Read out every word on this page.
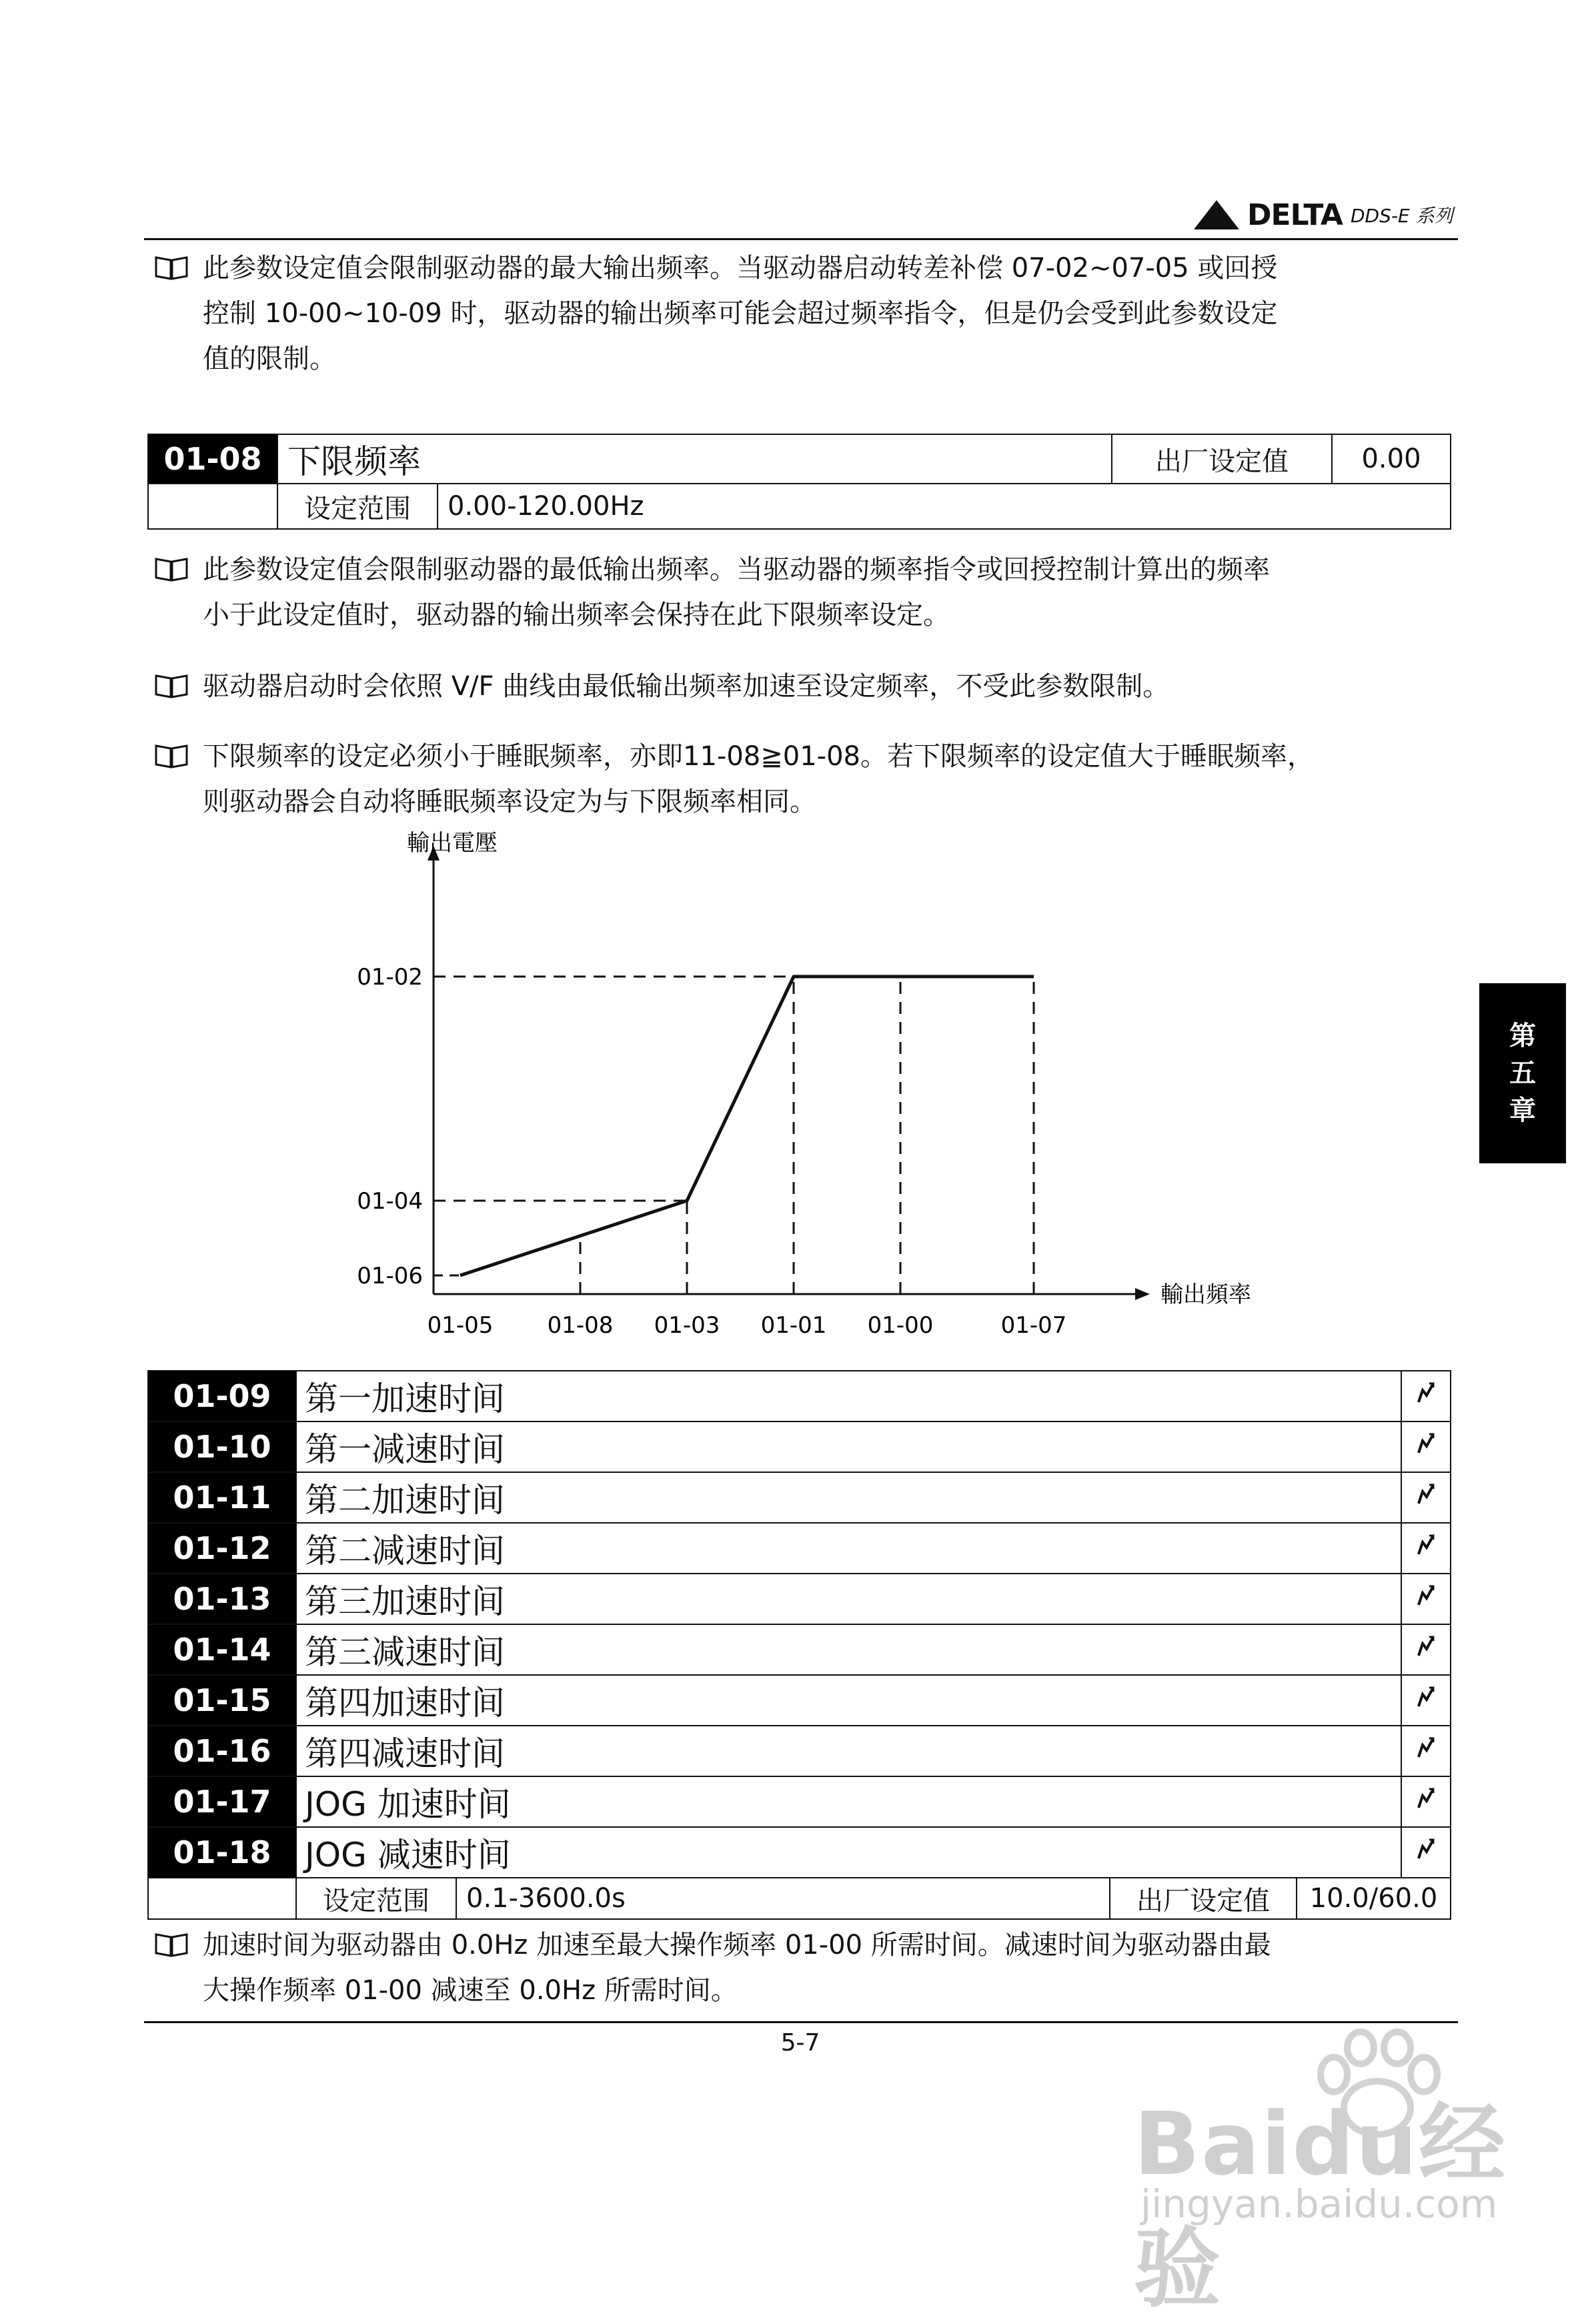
DELTA DDS-E 系列
此参数设定值会限制驱动器的最大输出频率。当驱动器启动转差补偿 07-02~07-05 或回授
控制 10-00~10-09 时，驱动器的输出频率可能会超过频率指令，但是仍会受到此参数设定
值的限制。
01-08	下限频率		出厂设定值	0.00
	设定范围	0.00-120.00Hz		
此参数设定值会限制驱动器的最低输出频率。当驱动器的频率指令或回授控制计算出的频率
小于此设定值时，驱动器的输出频率会保持在此下限频率设定。
驱动器启动时会依照 V/F 曲线由最低输出频率加速至设定频率，不受此参数限制。
下限频率的设定必须小于睡眠频率，亦即11-08≧01-08。若下限频率的设定值大于睡眠频率，
则驱动器会自动将睡眠频率设定为与下限频率相同。
輸出電壓
輸出頻率
01-06
01-04
01-02
01-05 01-08 01-03 01-01 01-00	01-07
01-09	第一加速时间	
01-10	第一减速时间	
01-11	第二加速时间	
01-12	第二减速时间	
01-13	第三加速时间	
01-14	第三减速时间	
01-15	第四加速时间	
01-16	第四减速时间	
01-17	JOG 加速时间	
01-18	JOG 减速时间	
	设定范围	0.1-3600.0s	出厂设定值	10.0/60.0	
加速时间为驱动器由 0.0Hz 加速至最大操作频率 01-00 所需时间。减速时间为驱动器由最
大操作频率 01-00 减速至 0.0Hz 所需时间。
5-7
第
五
章
Baidu经验
jingyan.baidu.com
